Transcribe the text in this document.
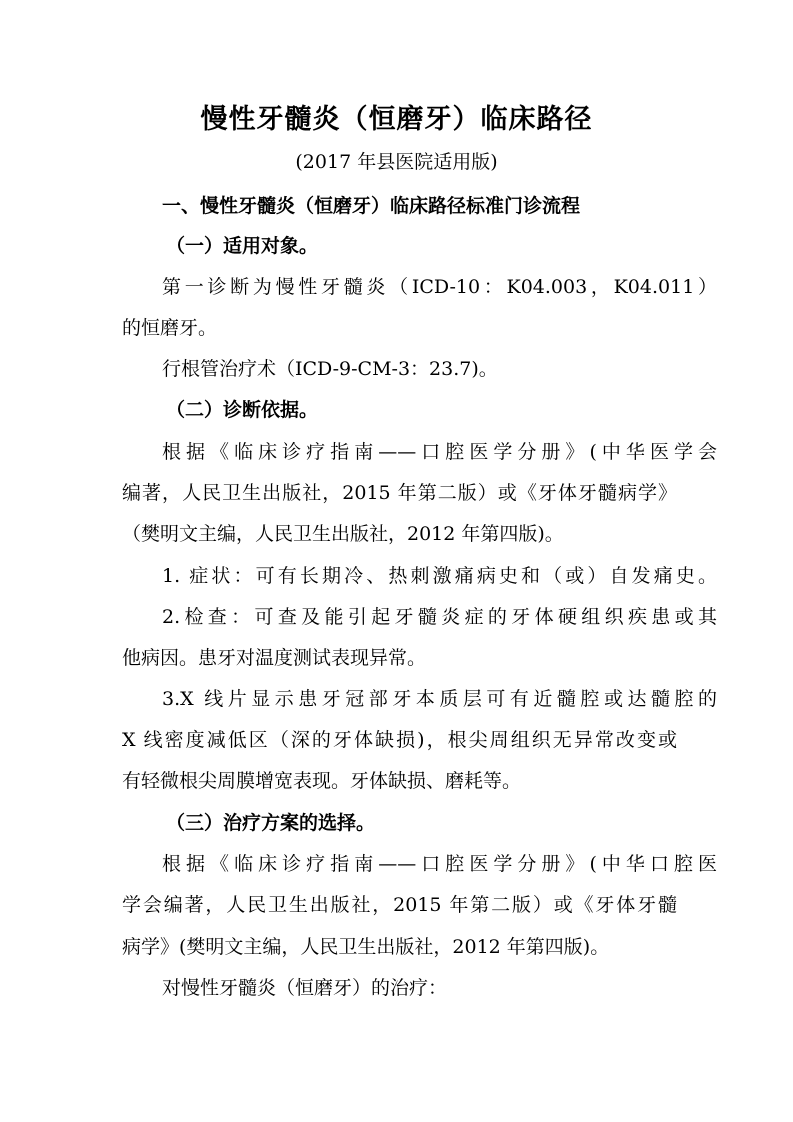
慢性牙髓炎（恒磨牙）临床路径
(2017 年县医院适用版)
一、慢性牙髓炎（恒磨牙）临床路径标准门诊流程
（一）适用对象。
第一诊断为慢性牙髓炎（ICD-10：K04.003，K04.011）
的恒磨牙。
行根管治疗术（ICD-9-CM-3：23.7)。
（二）诊断依据。
根据《临床诊疗指南——口腔医学分册》(中华医学会
编著，人民卫生出版社，2015 年第二版）或《牙体牙髓病学》
（樊明文主编，人民卫生出版社，2012 年第四版)。
1. 症状：可有长期冷、热刺激痛病史和（或）自发痛史。
2.检查：可查及能引起牙髓炎症的牙体硬组织疾患或其
他病因。患牙对温度测试表现异常。
3.X 线片显示患牙冠部牙本质层可有近髓腔或达髓腔的
X 线密度减低区（深的牙体缺损)，根尖周组织无异常改变或
有轻微根尖周膜增宽表现。牙体缺损、磨耗等。
（三）治疗方案的选择。
根据《临床诊疗指南——口腔医学分册》(中华口腔医
学会编著，人民卫生出版社，2015 年第二版）或《牙体牙髓
病学》(樊明文主编，人民卫生出版社，2012 年第四版)。
对慢性牙髓炎（恒磨牙）的治疗：
